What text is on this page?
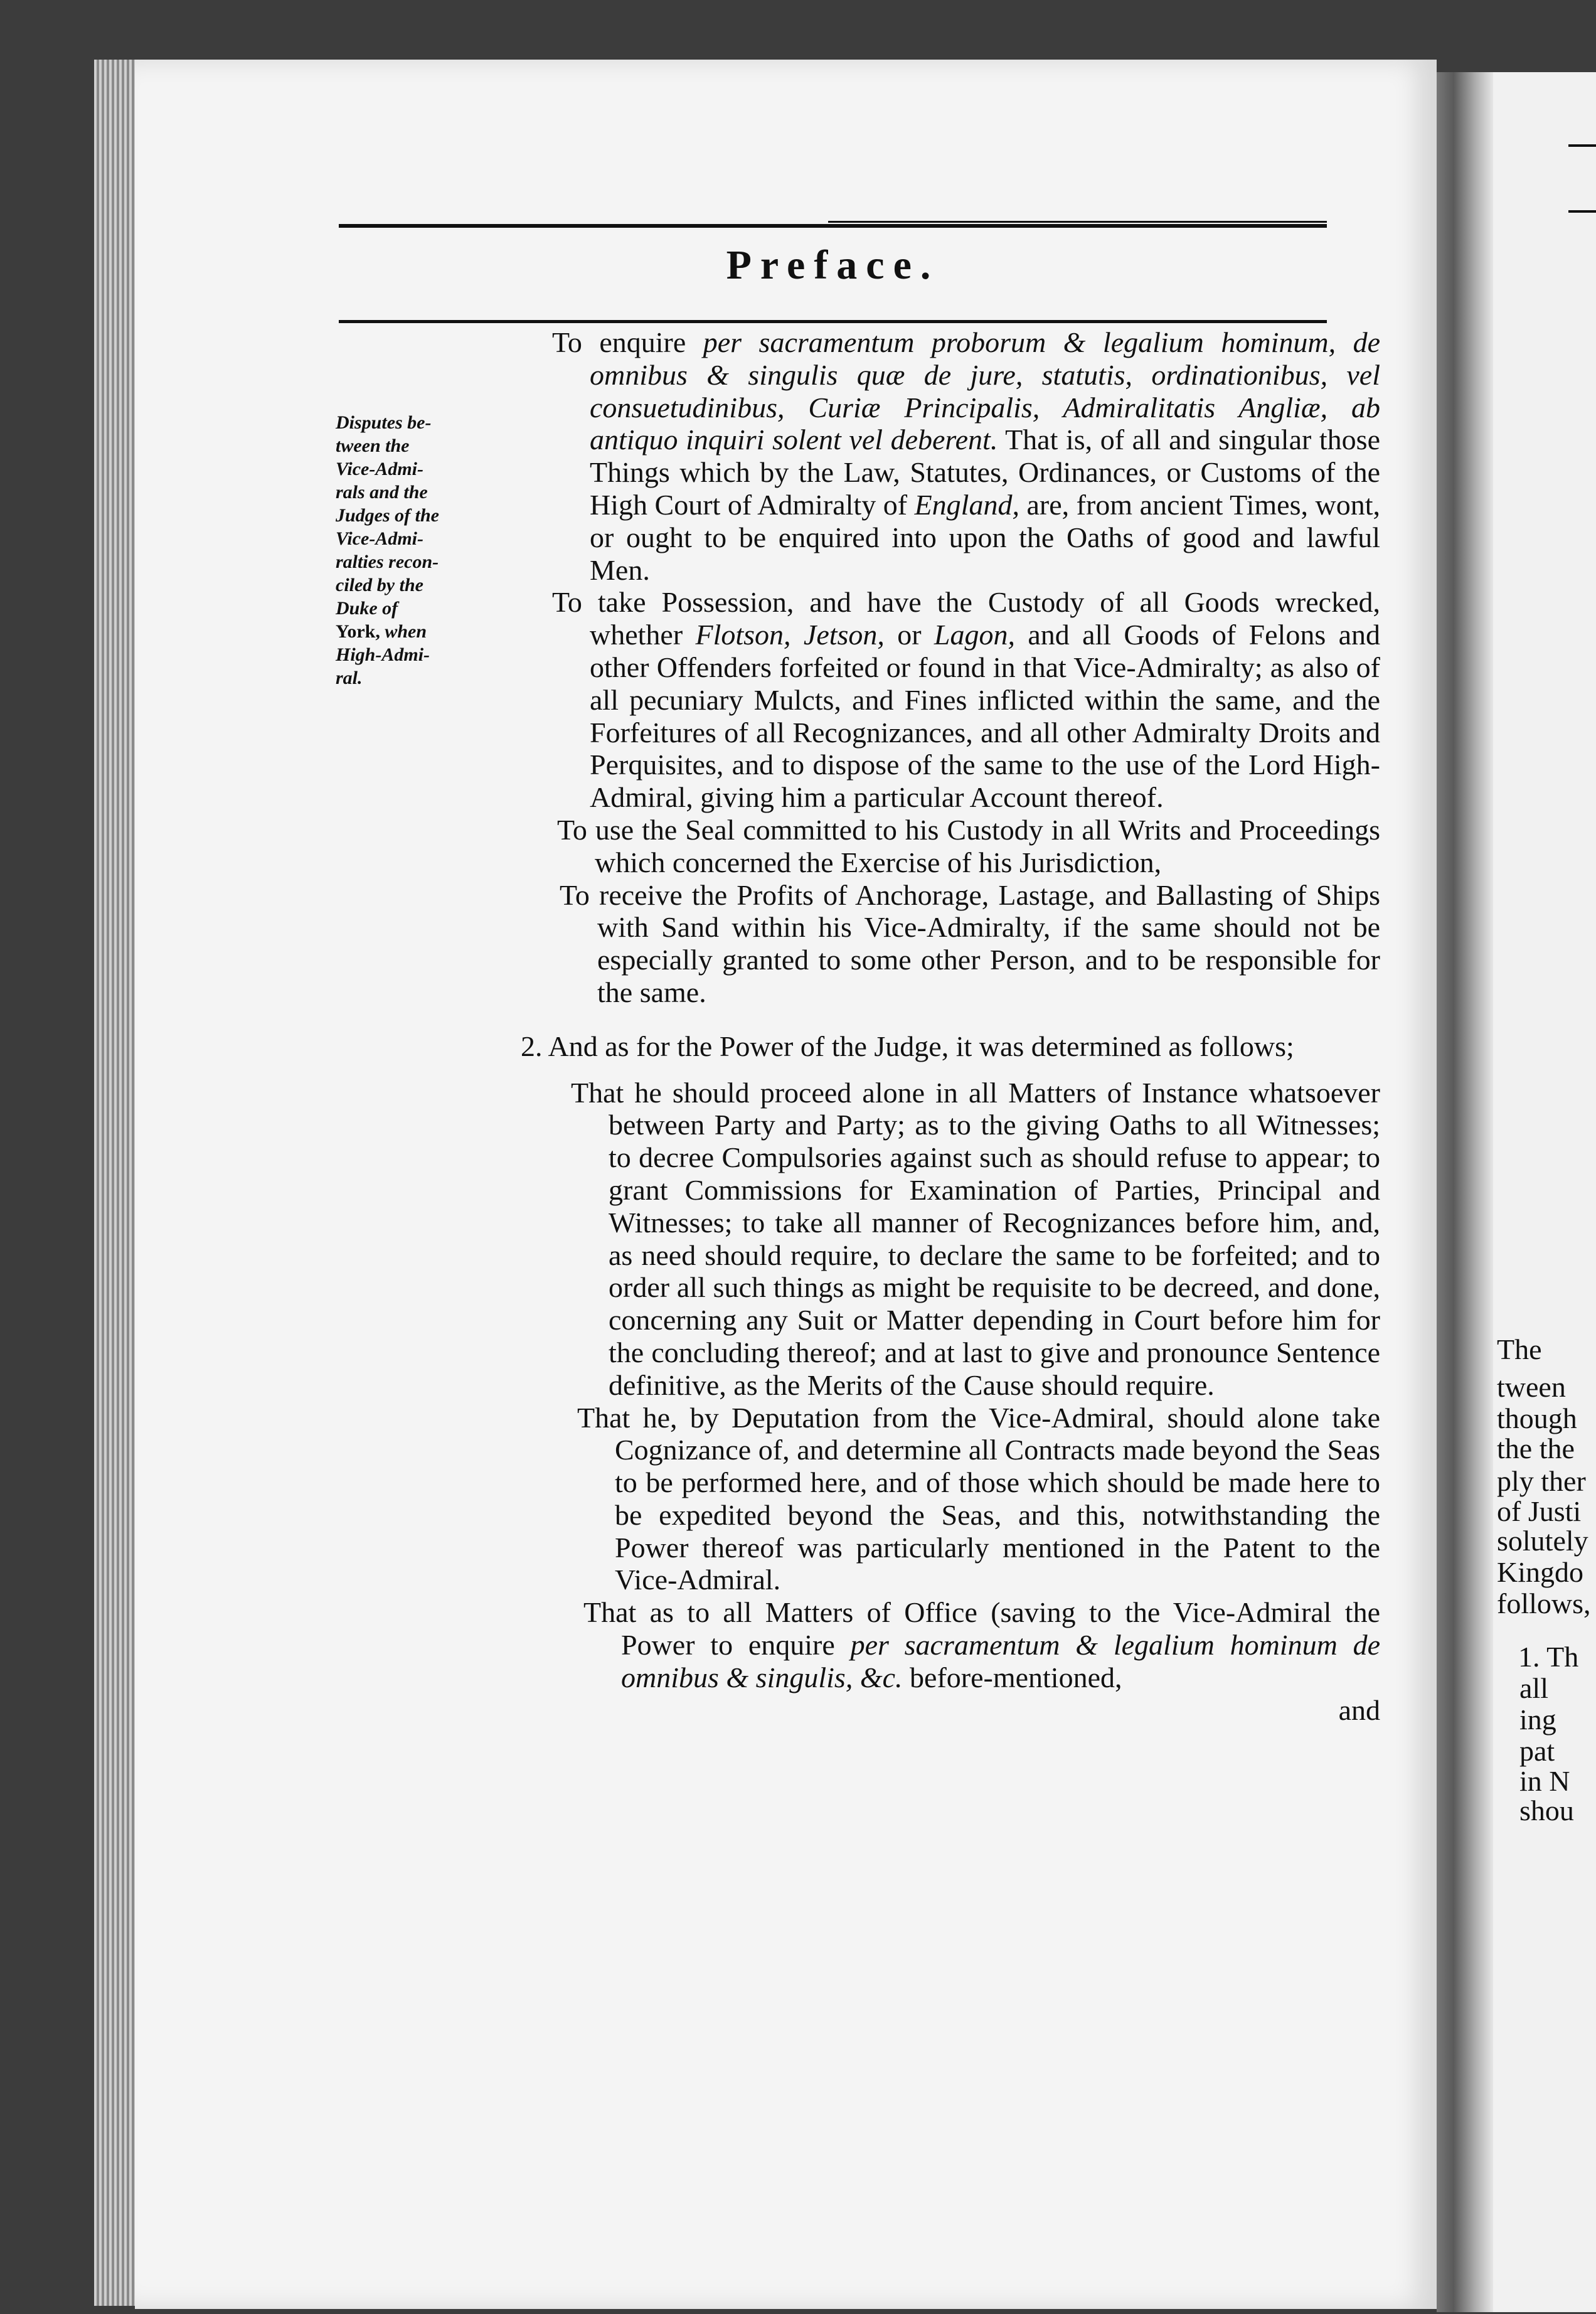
Preface.
Disputes be-
tween the
Vice-Admi-
rals and the
Judges of the
Vice-Admi-
ralties recon-
ciled by the
Duke of
York, when
High-Admi-
ral.

To enquire per sacramentum proborum & legalium hominum, de omnibus & singulis quæ de jure, statutis, ordinationibus, vel consuetudinibus, Curiæ Principalis, Admiralitatis Angliæ, ab antiquo inquiri solent vel deberent. That is, of all and singular those Things which by the Law, Statutes, Ordinances, or Customs of the High Court of Admiralty of England, are, from ancient Times, wont, or ought to be enquired into upon the Oaths of good and lawful Men.

To take Possession, and have the Custody of all Goods wrecked, whether Flotson, Jetson, or Lagon, and all Goods of Felons and other Offenders forfeited or found in that Vice-Admiralty; as also of all pecuniary Mulcts, and Fines inflicted within the same, and the Forfeitures of all Recognizances, and all other Admiralty Droits and Perquisites, and to dispose of the same to the use of the Lord High-Admiral, giving him a particular Account thereof.

To use the Seal committed to his Custody in all Writs and Proceedings which concerned the Exercise of his Jurisdiction,

To receive the Profits of Anchorage, Lastage, and Ballasting of Ships with Sand within his Vice-Admiralty, if the same should not be especially granted to some other Person, and to be responsible for the same.

2. And as for the Power of the Judge, it was determined as follows;

That he should proceed alone in all Matters of Instance whatsoever between Party and Party; as to the giving Oaths to all Witnesses; to decree Compulsories against such as should refuse to appear; to grant Commissions for Examination of Parties, Principal and Witnesses; to take all manner of Recognizances before him, and, as need should require, to declare the same to be forfeited; and to order all such things as might be requisite to be decreed, and done, concerning any Suit or Matter depending in Court before him for the concluding thereof; and at last to give and pronounce Sentence definitive, as the Merits of the Cause should require.

That he, by Deputation from the Vice-Admiral, should alone take Cognizance of, and determine all Contracts made beyond the Seas to be performed here, and of those which should be made here to be expedited beyond the Seas, and this, notwithstanding the Power thereof was particularly mentioned in the Patent to the Vice-Admiral.

That as to all Matters of Office (saving to the Vice-Admiral the Power to enquire per sacramentum & legalium hominum de omnibus & singulis, &c. before-mentioned,

and

The
tween
though
the the
ply ther
of Justi
solutely
Kingdo
follows,
1. Th
all
ing
pat
in N
shou
